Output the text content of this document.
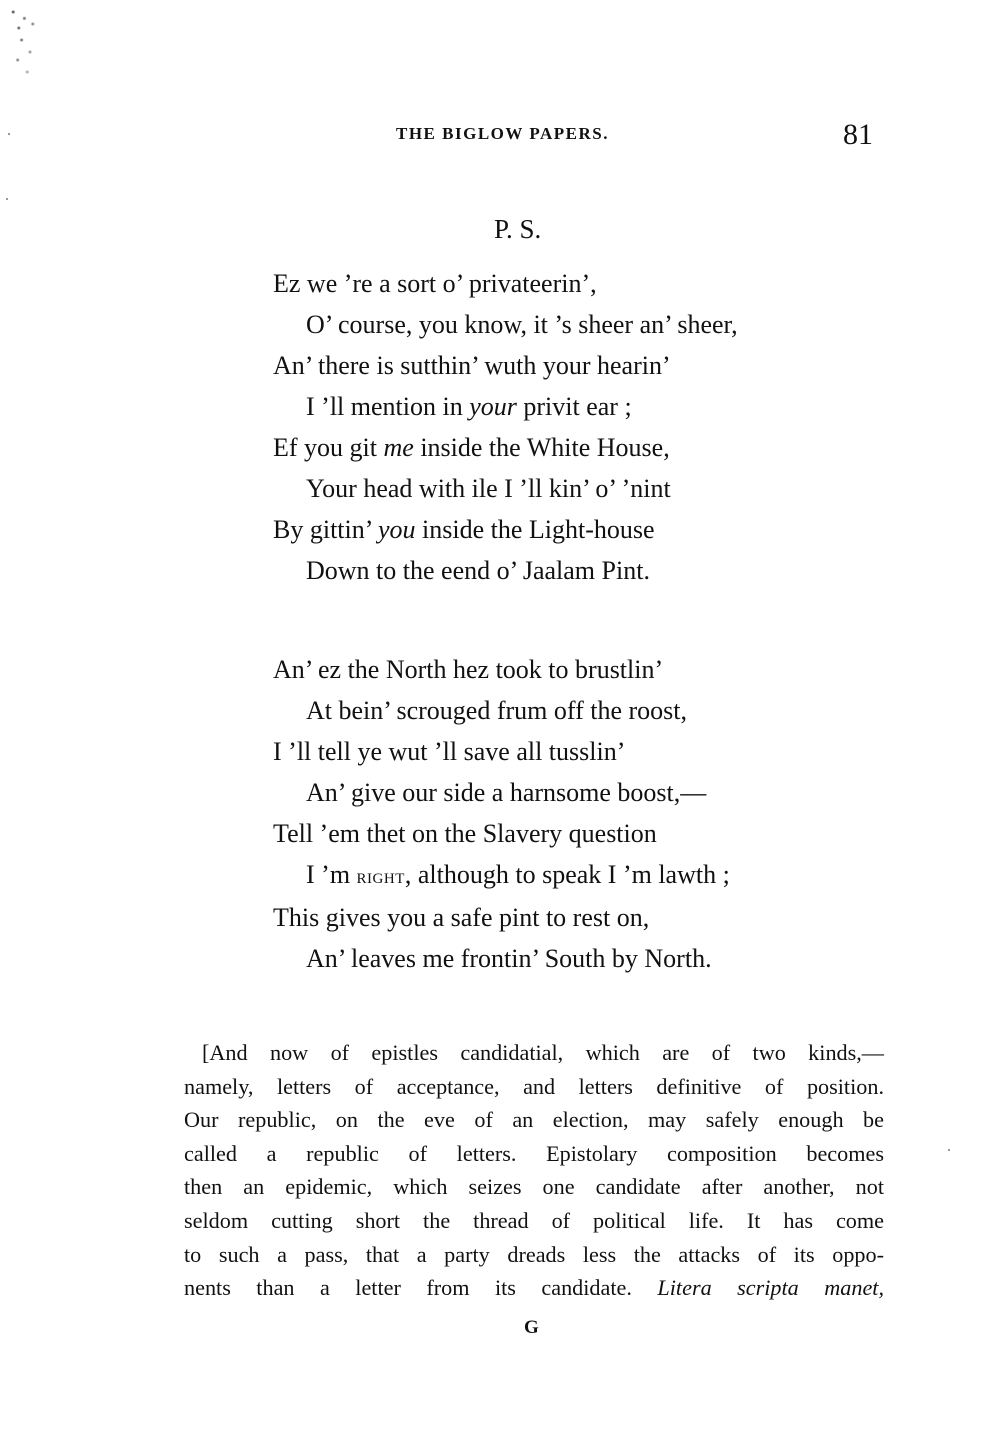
THE BIGLOW PAPERS.	81
P. S.
Ez we ’re a sort o’ privateerin’,
O’ course, you know, it ’s sheer an’ sheer,
An’ there is sutthin’ wuth your hearin’
I ’ll mention in your privit ear ;
Ef you git me inside the White House,
Your head with ile I ’ll kin’ o’ ’nint
By gittin’ you inside the Light-house
Down to the eend o’ Jaalam Pint.
An’ ez the North hez took to brustlin’
At bein’ scrouged frum off the roost,
I ’ll tell ye wut ’ll save all tusslin’
An’ give our side a harnsome boost,—
Tell ’em thet on the Slavery question
I ’m right, although to speak I ’m lawth ;
This gives you a safe pint to rest on,
An’ leaves me frontin’ South by North.
[And now of epistles candidatial, which are of two kinds,—
namely, letters of acceptance, and letters definitive of position.
Our republic, on the eve of an election, may safely enough be
called a republic of letters. Epistolary composition becomes
then an epidemic, which seizes one candidate after another, not
seldom cutting short the thread of political life. It has come
to such a pass, that a party dreads less the attacks of its oppo-
nents than a letter from its candidate. Litera scripta manet,
G
